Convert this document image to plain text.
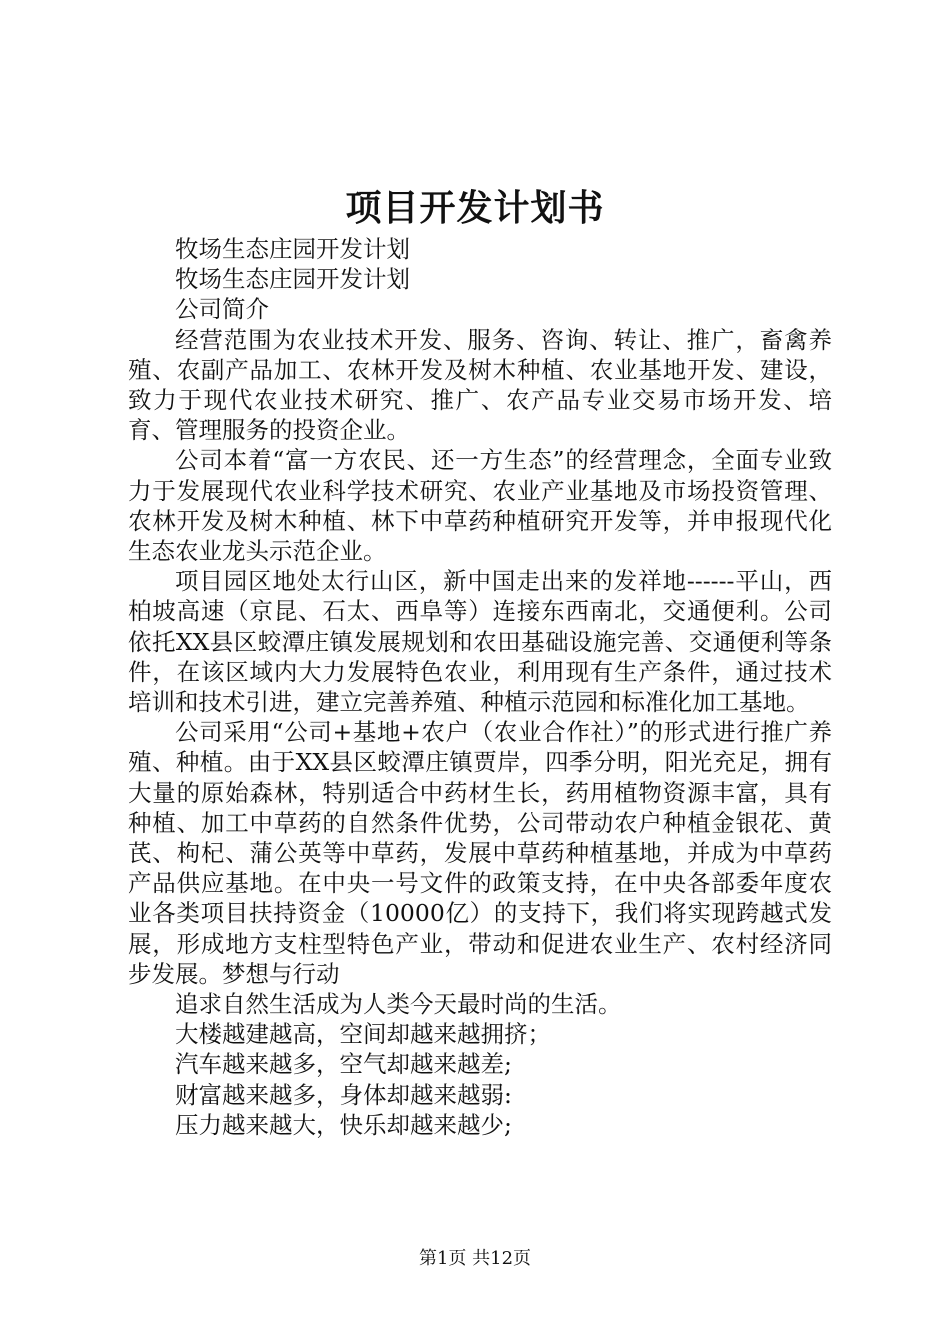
项目开发计划书

牧场生态庄园开发计划

牧场生态庄园开发计划

公司简介

经营范围为农业技术开发、服务、咨询、转让、推广，畜禽养殖、农副产品加工、农林开发及树木种植、农业基地开发、建设，致力于现代农业技术研究、推广、农产品专业交易市场开发、培育、管理服务的投资企业。

公司本着“富一方农民、还一方生态”的经营理念，全面专业致力于发展现代农业科学技术研究、农业产业基地及市场投资管理、农林开发及树木种植、林下中草药种植研究开发等，并申报现代化生态农业龙头示范企业。

项目园区地处太行山区，新中国走出来的发祥地------平山，西柏坡高速（京昆、石太、西阜等）连接东西南北，交通便利。公司依托XX县区蛟潭庄镇发展规划和农田基础设施完善、交通便利等条件，在该区域内大力发展特色农业，利用现有生产条件，通过技术培训和技术引进，建立完善养殖、种植示范园和标准化加工基地。

公司采用“公司+基地+农户（农业合作社）”的形式进行推广养殖、种植。由于XX县区蛟潭庄镇贾岸，四季分明，阳光充足，拥有大量的原始森林，特别适合中药材生长，药用植物资源丰富，具有种植、加工中草药的自然条件优势，公司带动农户种植金银花、黄芪、枸杞、蒲公英等中草药，发展中草药种植基地，并成为中草药产品供应基地。在中央一号文件的政策支持，在中央各部委年度农业各类项目扶持资金（10000亿）的支持下，我们将实现跨越式发展，形成地方支柱型特色产业，带动和促进农业生产、农村经济同步发展。梦想与行动

追求自然生活成为人类今天最时尚的生活。

大楼越建越高，空间却越来越拥挤；

汽车越来越多，空气却越来越差;

财富越来越多，身体却越来越弱:

压力越来越大，快乐却越来越少;

第1页 共12页
